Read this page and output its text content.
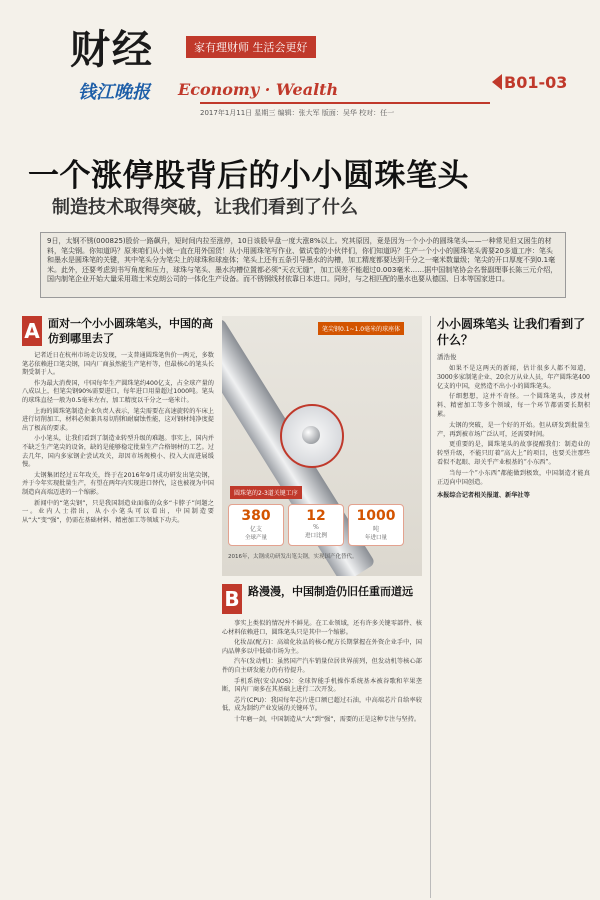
财经	家有理财师 生活会更好
钱江晚报 Economy · Wealth
2017年1月11日 星期三 编辑：张大军 版面：吴华 校对：任一
B01-03
一个涨停股背后的小小圆珠笔头
制造技术取得突破，让我们看到了什么
9日，太钢不锈(000825)股价一路飙升，短时间内拉至涨停，10日该股早盘一度大涨8%以上。究其原因，竟是因为一个小小的圆珠笔头——一种常见但又困生的材料，笔尖钢。你知道吗？原来咱们从小就一直在用外国货！从小用圆珠笔写作业、做试卷的小伙伴们，你们知道吗？生产一个小小的圆珠笔头需要20多道工序：笔头和墨水是圆珠笔的关键，其中笔头分为笔尖上的球珠和球座体；笔头上还有五条引导墨水的沟槽，加工精度都要达到千分之一毫米数量级；笔尖的开口厚度不到0.1毫米。此外，还要考虑到书写角度和压力，球珠与笔头、墨水沟槽位置都必须“天衣无缝”，加工误差不能超过0.003毫米……据中国制笔协会名誉副理事长陈三元介绍，国内制笔企业开始大量采用瑞士米克朗公司的一体化生产设备。而不锈钢线材依靠日本进口。同时，与之相匹配的墨水也要从德国、日本等国家进口。
A 面对一个小小圆珠笔头，中国的高仿到哪里去了

记者近日在杭州市场走访发现，一支普通圆珠笔售价一两元，多数笔芯依赖进口笔尖钢，国内厂商虽然能生产笔杆等，但最核心的笔头长期受制于人。

作为最大消费国，中国每年生产圆珠笔约400亿支，占全球产量的八成以上，但笔尖钢90%需要进口，每年进口用量超过1000吨。笔头的球珠直径一般为0.5毫米左右，加工精度以千分之一毫米计。

上海的圆珠笔制造企业负责人表示，笔尖需要在高速旋转的车床上进行切削加工，材料必须兼具易切削和耐腐蚀性能，这对钢材纯净度提出了极高的要求。

小小笔头，让我们看到了制造业转型升级的难题。事实上，国内并不缺乏生产笔尖的设备，缺的是能够稳定批量生产合格钢材的工艺。过去几年，国内多家钢企尝试攻关，却因市场规模小、投入大而进展缓慢。

太钢集团经过五年攻关，终于在2016年9月成功研发出笔尖钢，并于今年实现批量生产，有望在两年内实现进口替代，这也被视为中国制造向高端迈进的一个缩影。

新闻中的“笔尖钢”，只是我国制造业面临的众多“卡脖子”问题之一。业内人士指出，从小小笔头可以看出，中国制造要从“大”变“强”，仍需在基础材料、精密加工等领域下功夫。

笔尖钢0.1~1.0毫米的球座体
圆珠笔的2-3道关键工序
380
亿支
全球产量
12
%
进口比例
1000
吨
年进口量
2016年，太钢成功研发出笔尖钢，实现国产化替代。
B 路漫漫，中国制造仍旧任重而道远

事实上类似的情况并不鲜见。在工业领域，还有许多关键零部件、核心材料依赖进口，圆珠笔头只是其中一个缩影。

化妆品(配方)：高端化妆品的核心配方长期掌握在外资企业手中，国内品牌多以中低端市场为主。

汽车(发动机)：虽然国产汽车销量位居世界前列，但发动机等核心部件的自主研发能力仍有待提升。

手机系统(安卓/iOS)：全球智能手机操作系统基本被谷歌和苹果垄断，国内厂商多在其基础上进行二次开发。

芯片(CPU)：我国每年芯片进口额已超过石油，中高端芯片自给率较低，成为制约产业发展的关键环节。

十年磨一剑，中国制造从“大”到“强”，需要的正是这种专注与坚持。

小小圆珠笔头 让我们看到了什么？
潘浩俊

如果不是这两天的新闻，估计很多人都不知道，3000多家制笔企业、20余万从业人员，年产圆珠笔400亿支的中国，竟然造不出小小的圆珠笔头。

仔细想想，这并不奇怪。一个圆珠笔头，涉及材料、精密加工等多个领域，每一个环节都需要长期积累。

太钢的突破，是一个好的开始。但从研发到批量生产，再到被市场广泛认可，还需要时间。

更重要的是，圆珠笔头的故事提醒我们：制造业的转型升级，不能只盯着“高大上”的项目，也要关注那些看似不起眼、却关乎产业根基的“小东西”。

当每一个“小东西”都能做到极致，中国制造才能真正迈向中国创造。

本报综合记者相关报道、新华社等
